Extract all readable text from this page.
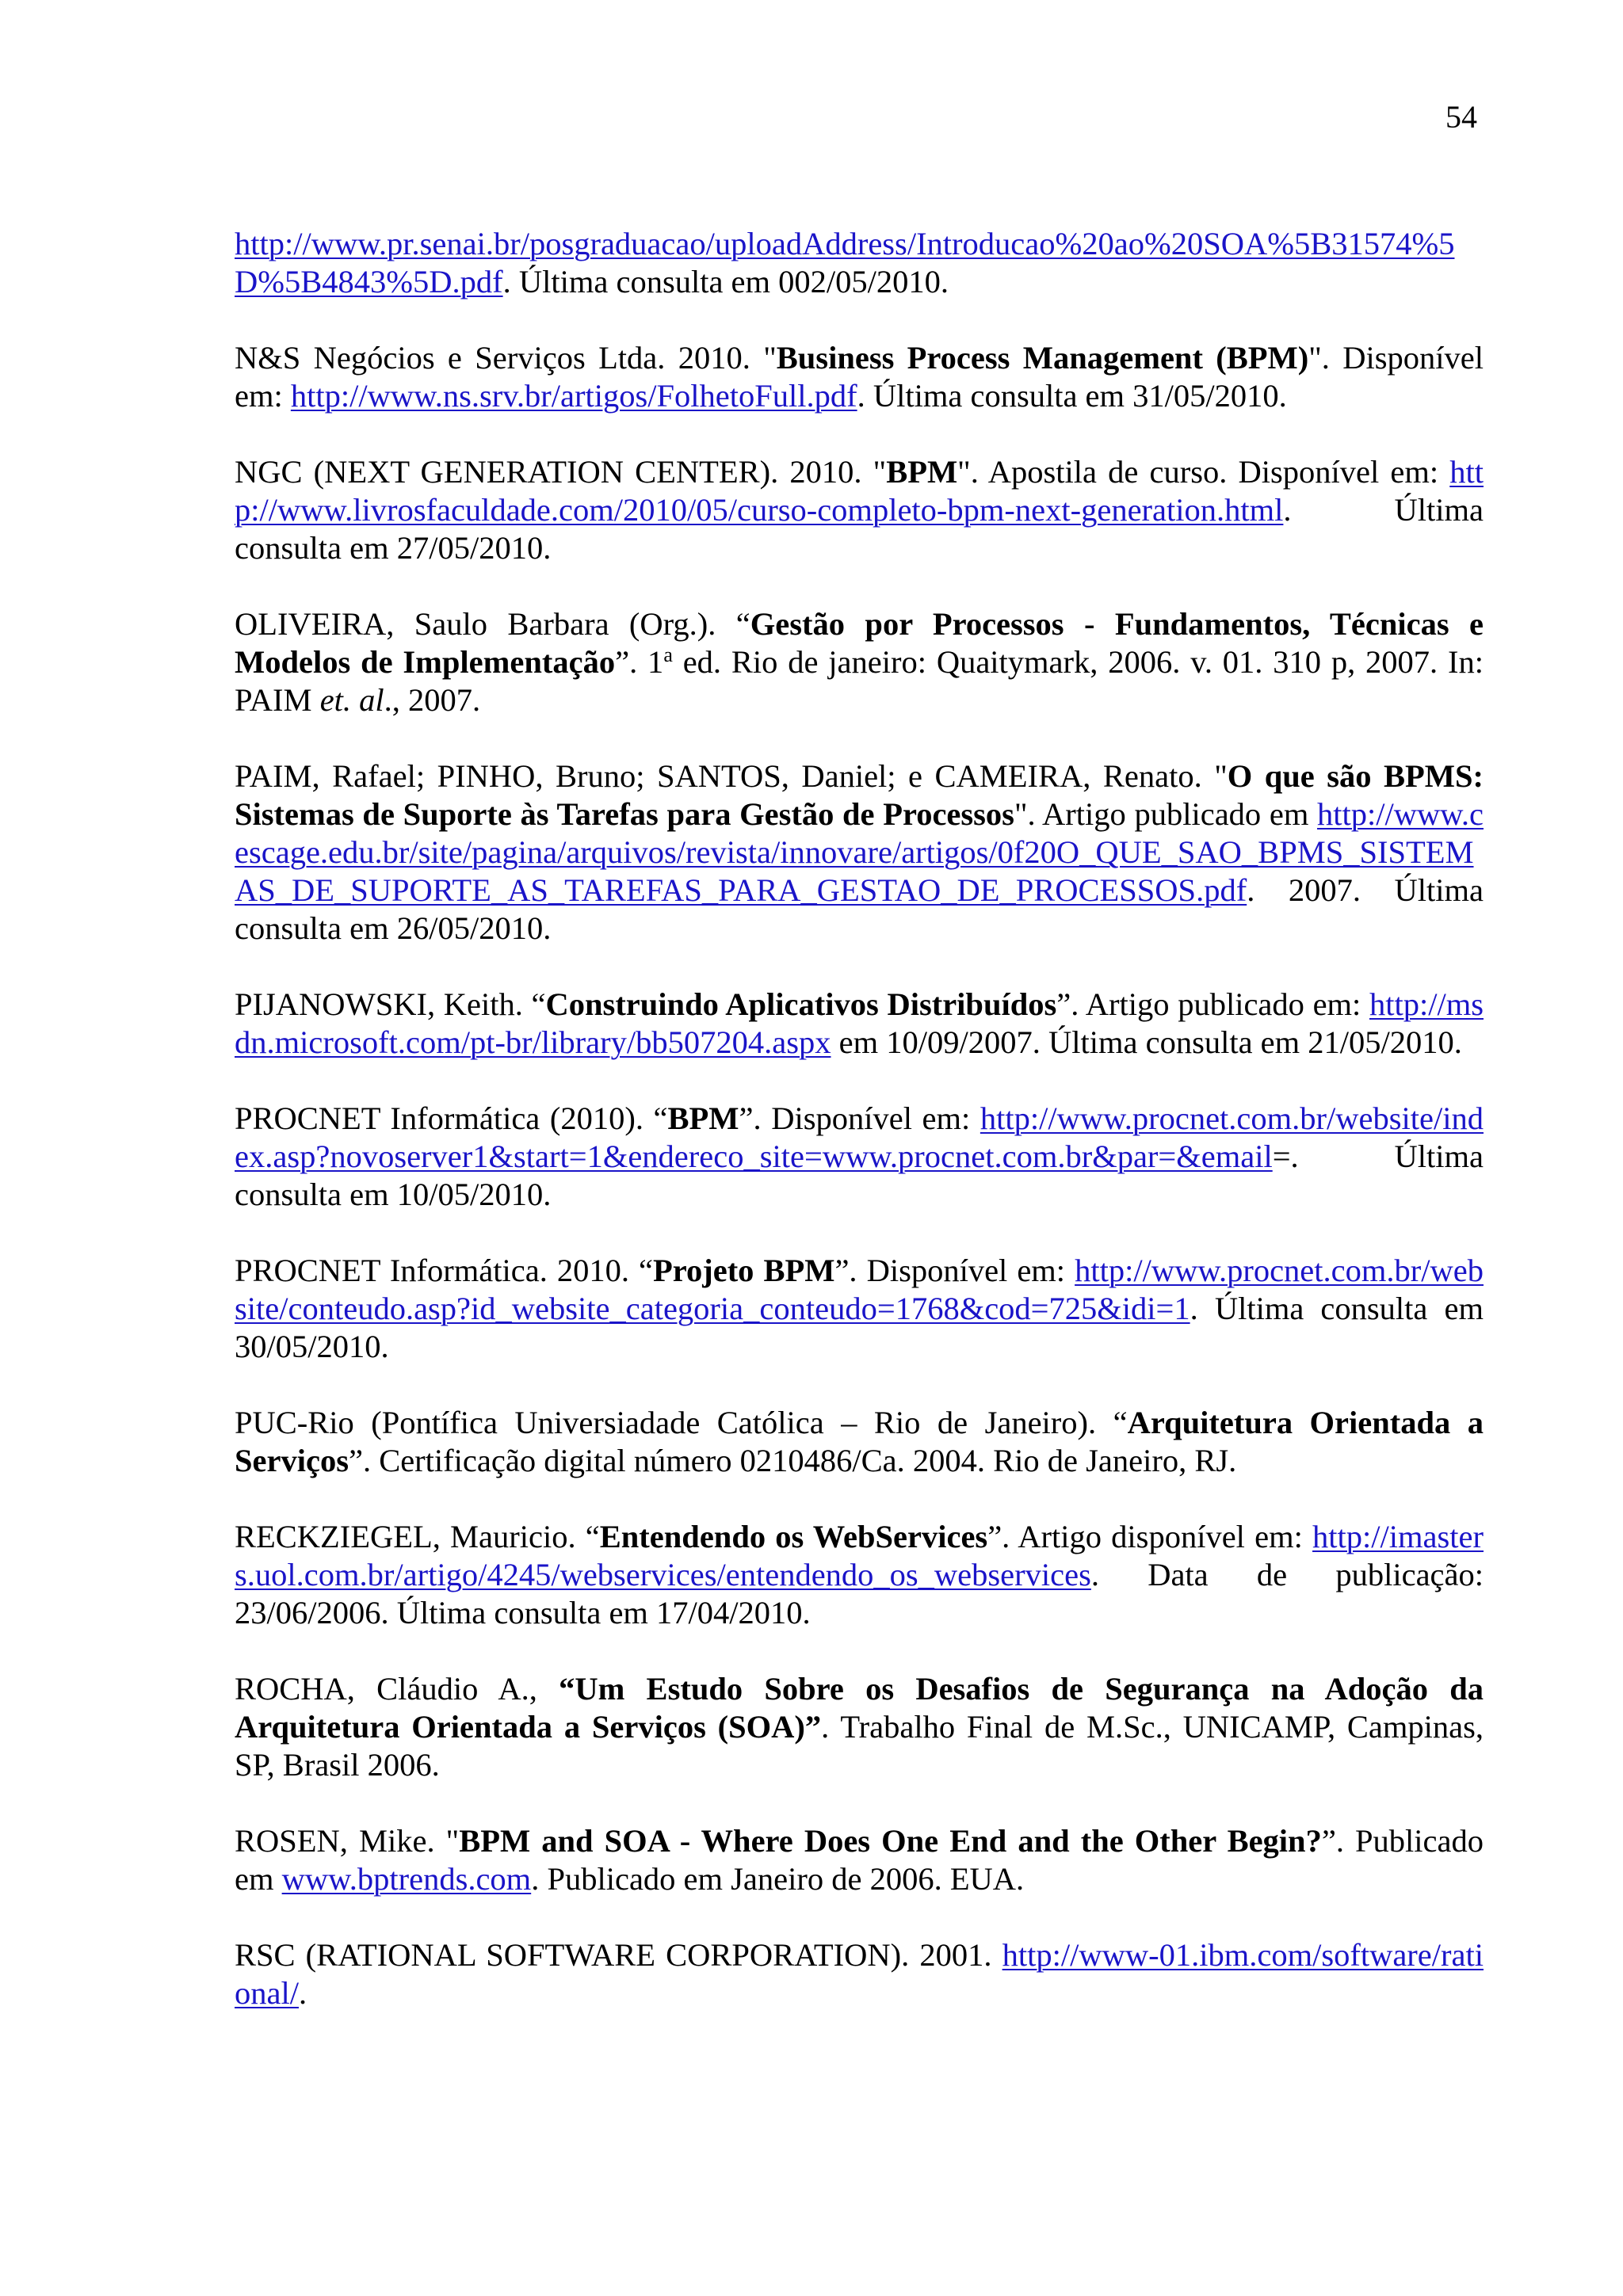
54

http://www.pr.senai.br/posgraduacao/uploadAddress/Introducao%20ao%20SOA%5B31574%5D%5B4843%5D.pdf. Última consulta em 002/05/2010.

N&S Negócios e Serviços Ltda. 2010. "Business Process Management (BPM)". Disponível em: http://www.ns.srv.br/artigos/FolhetoFull.pdf. Última consulta em 31/05/2010.

NGC (NEXT GENERATION CENTER). 2010. "BPM". Apostila de curso. Disponível em: http://www.livrosfaculdade.com/2010/05/curso-completo-bpm-next-generation.html. Última consulta em 27/05/2010.

OLIVEIRA, Saulo Barbara (Org.). “Gestão por Processos - Fundamentos, Técnicas e Modelos de Implementação”. 1$^a$ ed. Rio de janeiro: Quaitymark, 2006. v. 01. 310 p, 2007. In: PAIM et. al., 2007.

PAIM, Rafael; PINHO, Bruno; SANTOS, Daniel; e CAMEIRA, Renato. "O que são BPMS: Sistemas de Suporte às Tarefas para Gestão de Processos". Artigo publicado em http://www.cescage.edu.br/site/pagina/arquivos/revista/innovare/artigos/0f20O_QUE_SAO_BPMS_SISTEMAS_DE_SUPORTE_AS_TAREFAS_PARA_GESTAO_DE_PROCESSOS.pdf. 2007. Última consulta em 26/05/2010.

PIJANOWSKI, Keith. “Construindo Aplicativos Distribuídos”. Artigo publicado em: http://msdn.microsoft.com/pt-br/library/bb507204.aspx em 10/09/2007. Última consulta em 21/05/2010.

PROCNET Informática (2010). “BPM”. Disponível em: http://www.procnet.com.br/website/index.asp?novoserver1&start=1&endereco_site=www.procnet.com.br&par=&email=. Última consulta em 10/05/2010.

PROCNET Informática. 2010. “Projeto BPM”. Disponível em: http://www.procnet.com.br/website/conteudo.asp?id_website_categoria_conteudo=1768&cod=725&idi=1. Última consulta em 30/05/2010.

PUC-Rio (Pontífica Universiadade Católica – Rio de Janeiro). “Arquitetura Orientada a Serviços”. Certificação digital número 0210486/Ca. 2004. Rio de Janeiro, RJ.

RECKZIEGEL, Mauricio. “Entendendo os WebServices”. Artigo disponível em: http://imasters.uol.com.br/artigo/4245/webservices/entendendo_os_webservices. Data de publicação: 23/06/2006. Última consulta em 17/04/2010.

ROCHA, Cláudio A., “Um Estudo Sobre os Desafios de Segurança na Adoção da Arquitetura Orientada a Serviços (SOA)”. Trabalho Final de M.Sc., UNICAMP, Campinas, SP, Brasil 2006.

ROSEN, Mike. "BPM and SOA - Where Does One End and the Other Begin?”. Publicado em www.bptrends.com. Publicado em Janeiro de 2006. EUA.

RSC (RATIONAL SOFTWARE CORPORATION). 2001. http://www-01.ibm.com/software/rational/.
